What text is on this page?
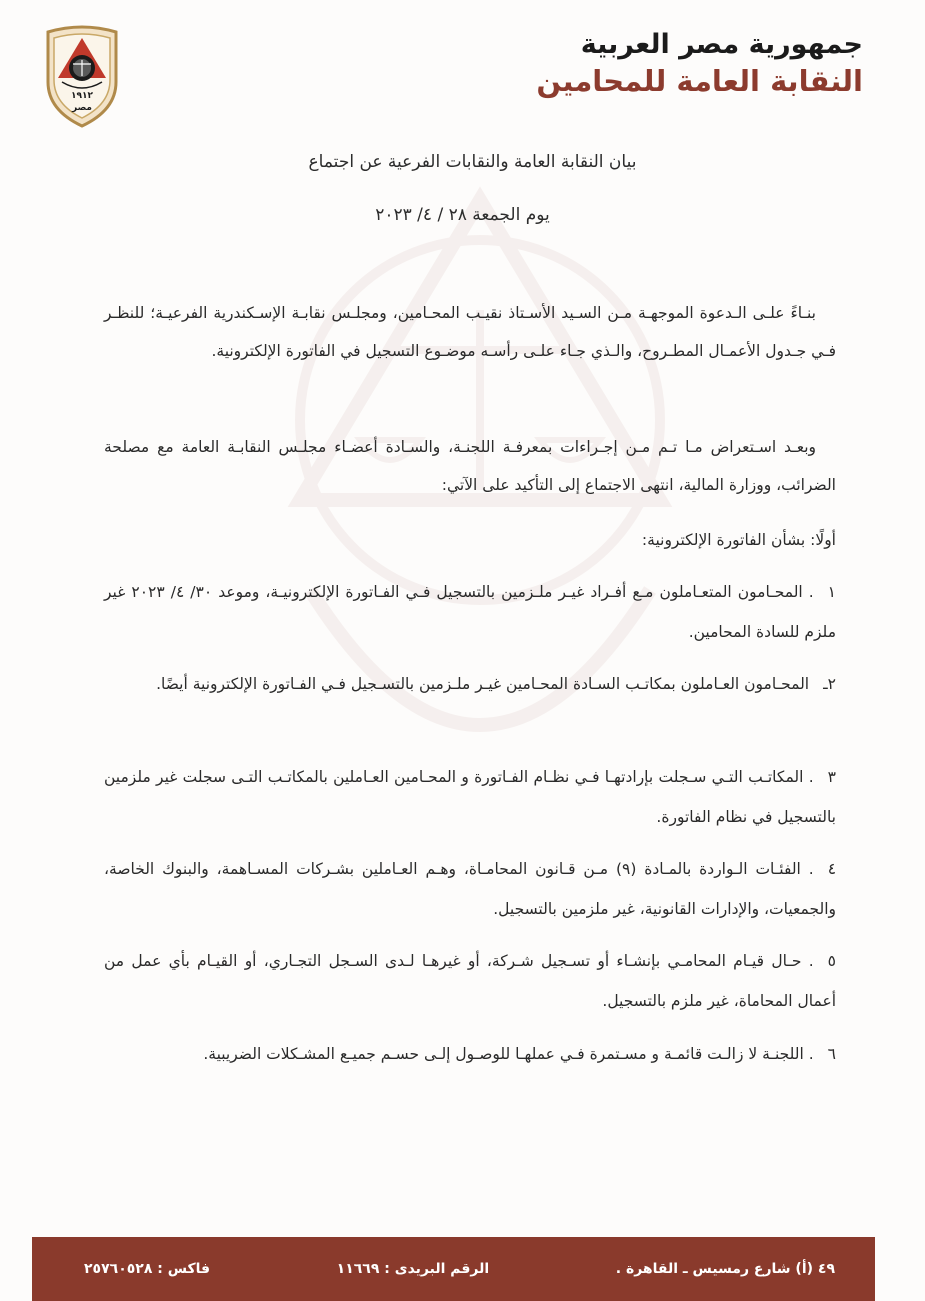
جمهورية مصر العربية
النقابة العامة للمحامين
١٩١٢
مصر
بيان النقابة العامة والنقابات الفرعية عن اجتماع
يوم الجمعة ٢٨ / ٤/ ٢٠٢٣
بنـاءً علـى الـدعوة الموجهـة مـن السـيد الأسـتاذ نقيـب المحـامين، ومجلـس نقابـة الإسـكندرية الفرعيـة؛ للنظـر فـي جـدول الأعمـال المطـروح، والـذي جـاء علـى رأسـه موضـوع التسجيل في الفاتورة الإلكترونية.
وبعـد اسـتعراض مـا تـم مـن إجـراءات بمعرفـة اللجنـة، والسـادة أعضـاء مجلـس النقابـة العامة مع مصلحة الضرائب، ووزارة المالية، انتهى الاجتماع إلى التأكيد على الآتي:
أولًا: بشأن الفاتورة الإلكترونية:
١. المحـامون المتعـاملون مـع أفـراد غيـر ملـزمين بالتسجيل فـي الفـاتورة الإلكترونيـة، وموعد ٣٠/ ٤/ ٢٠٢٣ غير ملزم للسادة المحامين.
٢ـالمحـامون العـاملون بمكاتـب السـادة المحـامين غيـر ملـزمين بالتسـجيل فـي الفـاتورة الإلكترونية أيضًا.
٣. المكاتـب التـي سـجلت بإرادتهـا فـي نظـام الفـاتورة و المحـامين العـاملين بالمكاتـب التـى سجلت غير ملزمين بالتسجيل في نظام الفاتورة.
٤. الفئـات الـواردة بالمـادة (٩) مـن قـانون المحامـاة، وهـم العـاملين بشـركات المسـاهمة، والبنوك الخاصة، والجمعيات، والإدارات القانونية، غير ملزمين بالتسجيل.
٥. حـال قيـام المحامـي بإنشـاء أو تسـجيل شـركة، أو غيرهـا لـدى السـجل التجـاري، أو القيـام بأي عمل من أعمال المحاماة، غير ملزم بالتسجيل.
٦. اللجنـة لا زالـت قائمـة و مسـتمرة فـي عملهـا للوصـول إلـى حسـم جميـع المشـكلات الضريبية.
٤٩ (أ) شارع رمسيس ـ القاهرة .
الرقم البريدى : ١١٦٦٩
فاكس : ٢٥٧٦٠٥٢٨
